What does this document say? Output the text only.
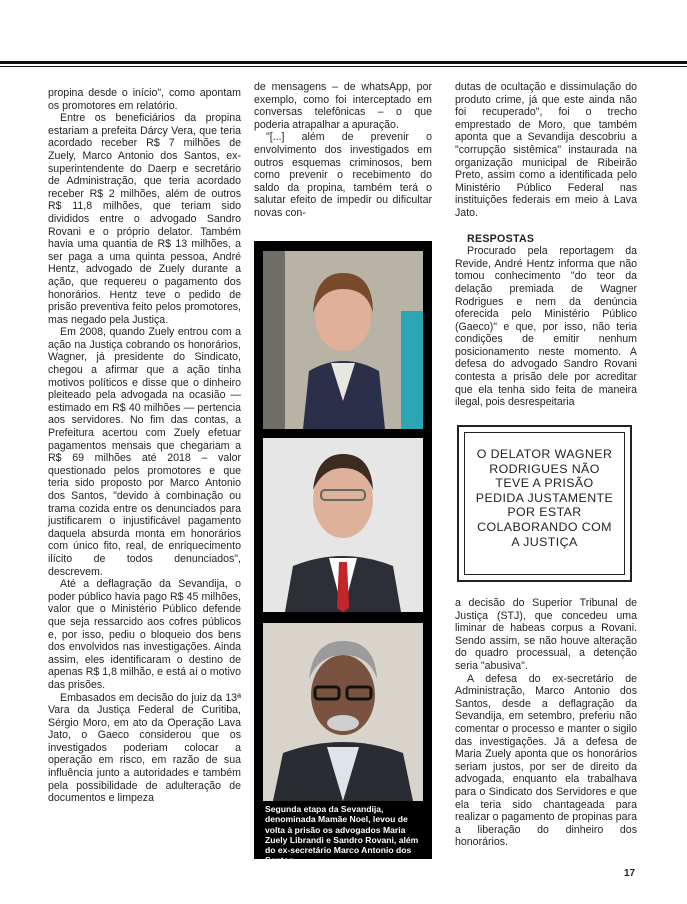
propina desde o início", como apontam os promotores em relatório.

Entre os beneficiários da propina estariam a prefeita Dárcy Vera, que teria acordado receber R$ 7 milhões de Zuely, Marco Antonio dos Santos, ex-superintendente do Daerp e secretário de Administração, que teria acordado receber R$ 2 milhões, além de outros R$ 11,8 milhões, que teriam sido divididos entre o advogado Sandro Rovani e o próprio delator. Também havia uma quantia de R$ 13 milhões, a ser paga a uma quinta pessoa, André Hentz, advogado de Zuely durante a ação, que requereu o pagamento dos honorários. Hentz teve o pedido de prisão preventiva feito pelos promotores, mas negado pela Justiça.

Em 2008, quando Zuely entrou com a ação na Justiça cobrando os honorários, Wagner, já presidente do Sindicato, chegou a afirmar que a ação tinha motivos políticos e disse que o dinheiro pleiteado pela advogada na ocasião — estimado em R$ 40 milhões — pertencia aos servidores. No fim das contas, a Prefeitura acertou com Zuely efetuar pagamentos mensais que chegariam a R$ 69 milhões até 2018 – valor questionado pelos promotores e que teria sido proposto por Marco Antonio dos Santos, "devido à combinação ou trama cozida entre os denunciados para justificarem o injustificável pagamento daquela absurda monta em honorários com único fito, real, de enriquecimento ilícito de todos denunciados", descrevem.

Até a deflagração da Sevandija, o poder público havia pago R$ 45 milhões, valor que o Ministério Público defende que seja ressarcido aos cofres públicos e, por isso, pediu o bloqueio dos bens dos envolvidos nas investigações. Ainda assim, eles identificaram o destino de apenas R$ 1,8 milhão, e está aí o motivo das prisões.

Embasados em decisão do juiz da 13ª Vara da Justiça Federal de Curitiba, Sérgio Moro, em ato da Operação Lava Jato, o Gaeco considerou que os investigados poderiam colocar a operação em risco, em razão de sua influência junto a autoridades e também pela possibilidade de adulteração de documentos e limpeza

de mensagens – de whatsApp, por exemplo, como foi interceptado em conversas telefônicas – o que poderia atrapalhar a apuração.

"[...] além de prevenir o envolvimento dos investigados em outros esquemas criminosos, bem como prevenir o recebimento do saldo da propina, também terá o salutar efeito de impedir ou dificultar novas con-

Segunda etapa da Sevandija, denominada Mamãe Noel, levou de volta à prisão os advogados Maria Zuely Librandi e Sandro Rovani, além do ex-secretário Marco Antonio dos Santos

dutas de ocultação e dissimulação do produto crime, já que este ainda não foi recuperado", foi o trecho emprestado de Moro, que também aponta que a Sevandija descobriu a "corrupção sistêmica" instaurada na organização municipal de Ribeirão Preto, assim como a identificada pelo Ministério Público Federal nas instituições federais em meio à Lava Jato.

RESPOSTAS

Procurado pela reportagem da Revide, André Hentz informa que não tomou conhecimento "do teor da delação premiada de Wagner Rodrigues e nem da denúncia oferecida pelo Ministério Público (Gaeco)" e que, por isso, não teria condições de emitir nenhum posicionamento neste momento. A defesa do advogado Sandro Rovani contesta a prisão dele por acreditar que ela tenha sido feita de maneira ilegal, pois desrespeitaria

O DELATOR WAGNER RODRIGUES NÃO TEVE A PRISÃO PEDIDA JUSTAMENTE POR ESTAR COLABORANDO COM A JUSTIÇA

a decisão do Superior Tribunal de Justiça (STJ), que concedeu uma liminar de habeas corpus a Rovani. Sendo assim, se não houve alteração do quadro processual, a detenção seria "abusiva".

A defesa do ex-secretário de Administração, Marco Antonio dos Santos, desde a deflagração da Sevandija, em setembro, preferiu não comentar o processo e manter o sigilo das investigações. Já a defesa de Maria Zuely aponta que os honorários seriam justos, por ser de direito da advogada, enquanto ela trabalhava para o Sindicato dos Servidores e que ela teria sido chantageada para realizar o pagamento de propinas para a liberação do dinheiro dos honorários.

17
